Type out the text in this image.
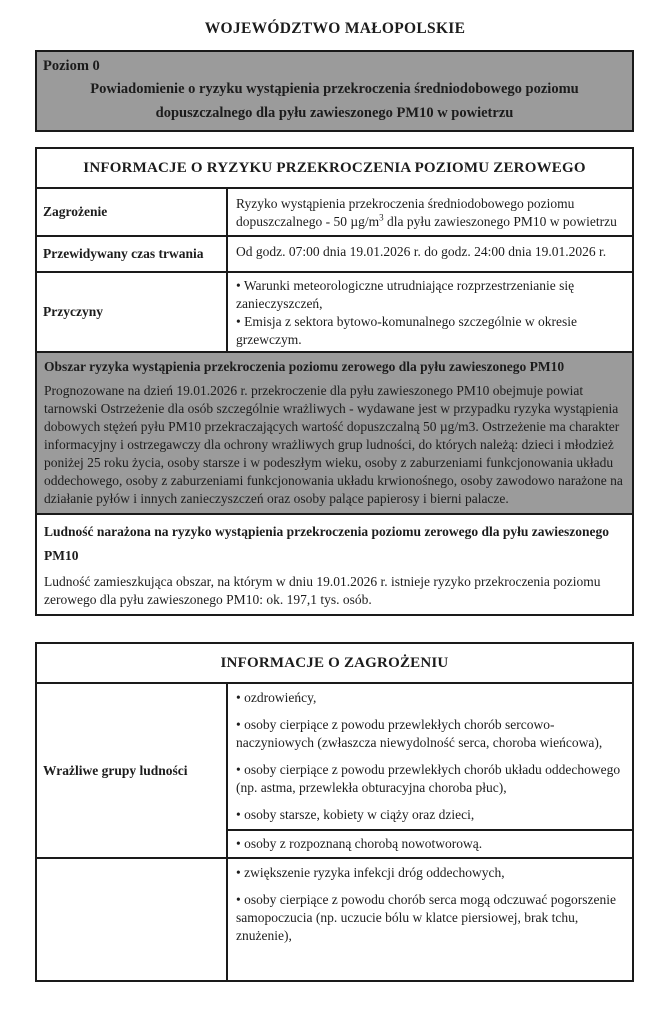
WOJEWÓDZTWO MAŁOPOLSKIE
Poziom 0
Powiadomienie o ryzyku wystąpienia przekroczenia średniodobowego poziomu dopuszczalnego dla pyłu zawieszonego PM10 w powietrzu
INFORMACJE O RYZYKU PRZEKROCZENIA POZIOMU ZEROWEGO
Zagrożenie
Ryzyko wystąpienia przekroczenia średniodobowego poziomu dopuszczalnego - 50 $\mu g/m^3$ dla pyłu zawieszonego PM10 w powietrzu
Przewidywany czas trwania	Od godz. 07:00 dnia 19.01.2026 r. do godz. 24:00 dnia 19.01.2026 r.
Przyczyny

• Warunki meteorologiczne utrudniające rozprzestrzenianie się zanieczyszczeń,

• Emisja z sektora bytowo-komunalnego szczególnie w okresie grzewczym.

Obszar ryzyka wystąpienia przekroczenia poziomu zerowego dla pyłu zawieszonego PM10
Prognozowane na dzień 19.01.2026 r. przekroczenie dla pyłu zawieszonego PM10 obejmuje powiat tarnowski Ostrzeżenie dla osób szczególnie wrażliwych - wydawane jest w przypadku ryzyka wystąpienia dobowych stężeń pyłu PM10 przekraczających wartość dopuszczalną 50 µg/m3. Ostrzeżenie ma charakter informacyjny i ostrzegawczy dla ochrony wrażliwych grup ludności, do których należą: dzieci i młodzież poniżej 25 roku życia, osoby starsze i w podeszłym wieku, osoby z zaburzeniami funkcjonowania układu oddechowego, osoby z zaburzeniami funkcjonowania układu krwionośnego, osoby zawodowo narażone na działanie pyłów i innych zanieczyszczeń oraz osoby palące papierosy i bierni palacze.
Ludność narażona na ryzyko wystąpienia przekroczenia poziomu zerowego dla pyłu zawieszonego PM10
Ludność zamieszkująca obszar, na którym w dniu 19.01.2026 r. istnieje ryzyko przekroczenia poziomu zerowego dla pyłu zawieszonego PM10: ok. 197,1 tys. osób.
INFORMACJE O ZAGROŻENIU
Wrażliwe grupy ludności

• ozdrowieńcy,

• osoby cierpiące z powodu przewlekłych chorób sercowo-naczyniowych (zwłaszcza niewydolność serca, choroba wieńcowa),

• osoby cierpiące z powodu przewlekłych chorób układu oddechowego (np. astma, przewlekła obturacyjna choroba płuc),

• osoby starsze, kobiety w ciąży oraz dzieci,

• osoby z rozpoznaną chorobą nowotworową.

• zwiększenie ryzyka infekcji dróg oddechowych,

• osoby cierpiące z powodu chorób serca mogą odczuwać pogorszenie samopoczucia (np. uczucie bólu w klatce piersiowej, brak tchu, znużenie),
